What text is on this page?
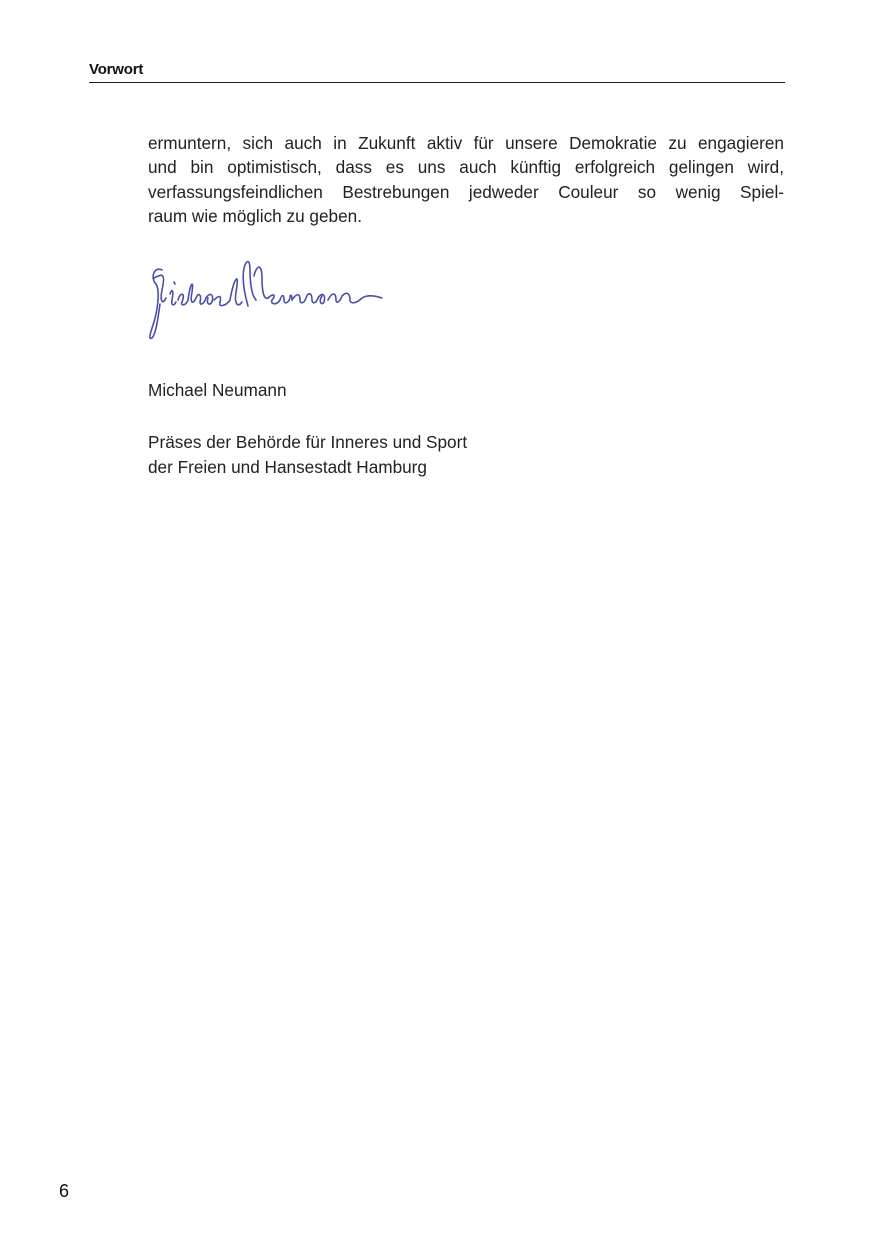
Vorwort

ermuntern, sich auch in Zukunft aktiv für unsere Demokratie zu engagieren
und bin optimistisch, dass es uns auch künftig erfolgreich gelingen wird,
verfassungsfeindlichen Bestrebungen jedweder Couleur so wenig Spiel-
raum wie möglich zu geben.

Michael Neumann
Präses der Behörde für Inneres und Sport
der Freien und Hansestadt Hamburg
6
